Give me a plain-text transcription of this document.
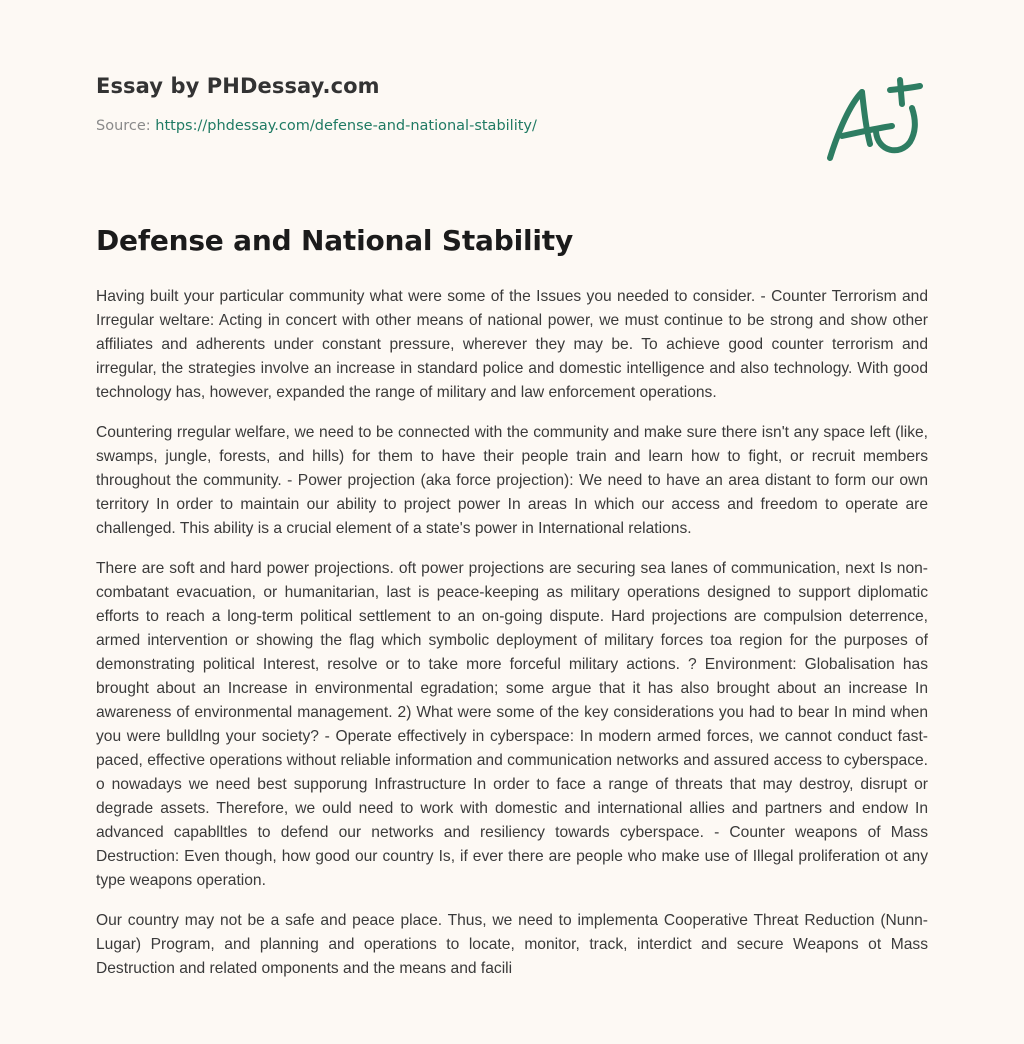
Essay by PHDessay.com
Source: https://phdessay.com/defense-and-national-stability/
Defense and National Stability

Having built your particular community what were some of the Issues you needed to consider. - Counter Terrorism and Irregular weltare: Acting in concert with other means of national power, we must continue to be strong and show other affiliates and adherents under constant pressure, wherever they may be. To achieve good counter terrorism and irregular, the strategies involve an increase in standard police and domestic intelligence and also technology. With good technology has, however, expanded the range of military and law enforcement operations.

Countering rregular welfare, we need to be connected with the community and make sure there isn't any space left (like, swamps, jungle, forests, and hills) for them to have their people train and learn how to fight, or recruit members throughout the community. - Power projection (aka force projection): We need to have an area distant to form our own territory In order to maintain our ability to project power In areas In which our access and freedom to operate are challenged. This ability is a crucial element of a state's power in International relations.

There are soft and hard power projections. oft power projections are securing sea lanes of communication, next Is non- combatant evacuation, or humanitarian, last is peace-keeping as military operations designed to support diplomatic efforts to reach a long-term political settlement to an on-going dispute. Hard projections are compulsion deterrence, armed intervention or showing the flag which symbolic deployment of military forces toa region for the purposes of demonstrating political Interest, resolve or to take more forceful military actions. ? Environment: Globalisation has brought about an Increase in environmental egradation; some argue that it has also brought about an increase In awareness of environmental management. 2) What were some of the key considerations you had to bear In mind when you were bulldlng your society? - Operate effectively in cyberspace: In modern armed forces, we cannot conduct fast-paced, effective operations without reliable information and communication networks and assured access to cyberspace. o nowadays we need best supporung Infrastructure In order to face a range of threats that may destroy, disrupt or degrade assets. Therefore, we ould need to work with domestic and international allies and partners and endow In advanced capablltles to defend our networks and resiliency towards cyberspace. - Counter weapons of Mass Destruction: Even though, how good our country Is, if ever there are people who make use of Illegal proliferation ot any type weapons operation.

Our country may not be a safe and peace place. Thus, we need to implementa Cooperative Threat Reduction (Nunn-Lugar) Program, and planning and operations to locate, monitor, track, interdict and secure Weapons ot Mass Destruction and related omponents and the means and facili
